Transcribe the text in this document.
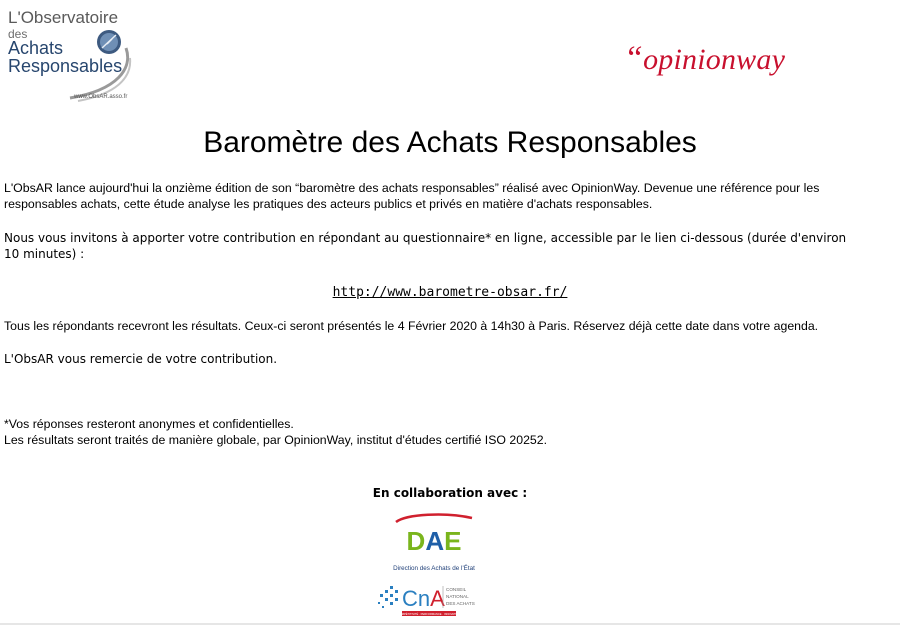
L'Observatoire
des
Achats
Responsables
www.ObsAR.asso.fr
“opinionway
Baromètre des Achats Responsables

L'ObsAR lance aujourd'hui la onzième édition de son “baromètre des achats responsables” réalisé avec OpinionWay. Devenue une référence pour les responsables achats, cette étude analyse les pratiques des acteurs publics et privés en matière d'achats responsables.

Nous vous invitons à apporter votre contribution en répondant au questionnaire* en ligne, accessible par le lien ci-dessous (durée d'environ 10 minutes) :

http://www.barometre-obsar.fr/

Tous les répondants recevront les résultats. Ceux-ci seront présentés le 4 Février 2020 à 14h30 à Paris. Réservez déjà cette date dans votre agenda.

L'ObsAR vous remercie de votre contribution.

*Vos réponses resteront anonymes et confidentielles.

Les résultats seront traités de manière globale, par OpinionWay, institut d'études certifié ISO 20252.

En collaboration avec :
DAE
Direction des Achats de l'État
CnA CONSEIL
NATIONAL
DES ACHATS
COMPÉTITIVITÉ · PERFORMANCE · INNOVATION
